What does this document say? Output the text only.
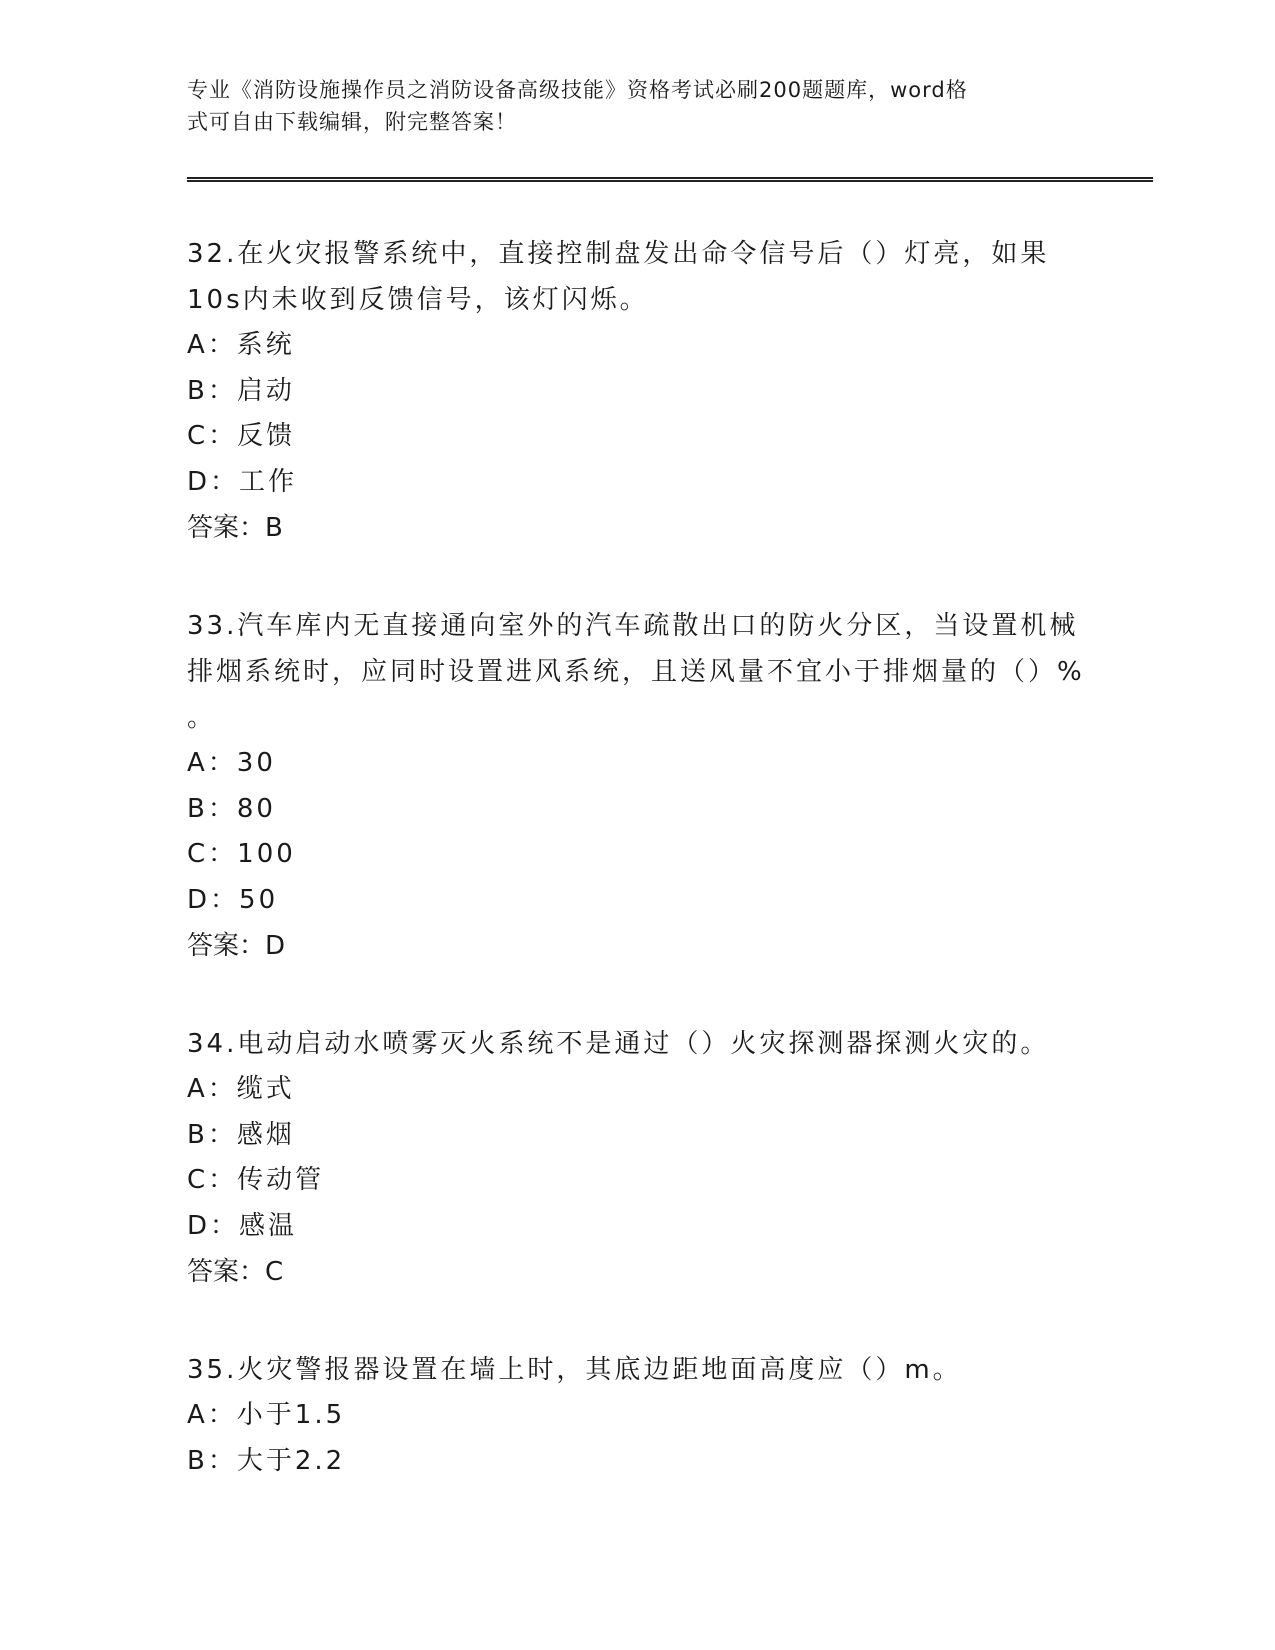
专业《消防设施操作员之消防设备高级技能》资格考试必刷200题题库，word格
式可自由下载编辑，附完整答案！

32.在火灾报警系统中，直接控制盘发出命令信号后（）灯亮，如果

10s内未收到反馈信号，该灯闪烁。

A：系统

B：启动

C：反馈

D：工作

答案：B

33.汽车库内无直接通向室外的汽车疏散出口的防火分区，当设置机械

排烟系统时，应同时设置进风系统，且送风量不宜小于排烟量的（）%

。

A：30

B：80

C：100

D：50

答案：D

34.电动启动水喷雾灭火系统不是通过（）火灾探测器探测火灾的。

A：缆式

B：感烟

C：传动管

D：感温

答案：C

35.火灾警报器设置在墙上时，其底边距地面高度应（）m。

A：小于1.5

B：大于2.2
